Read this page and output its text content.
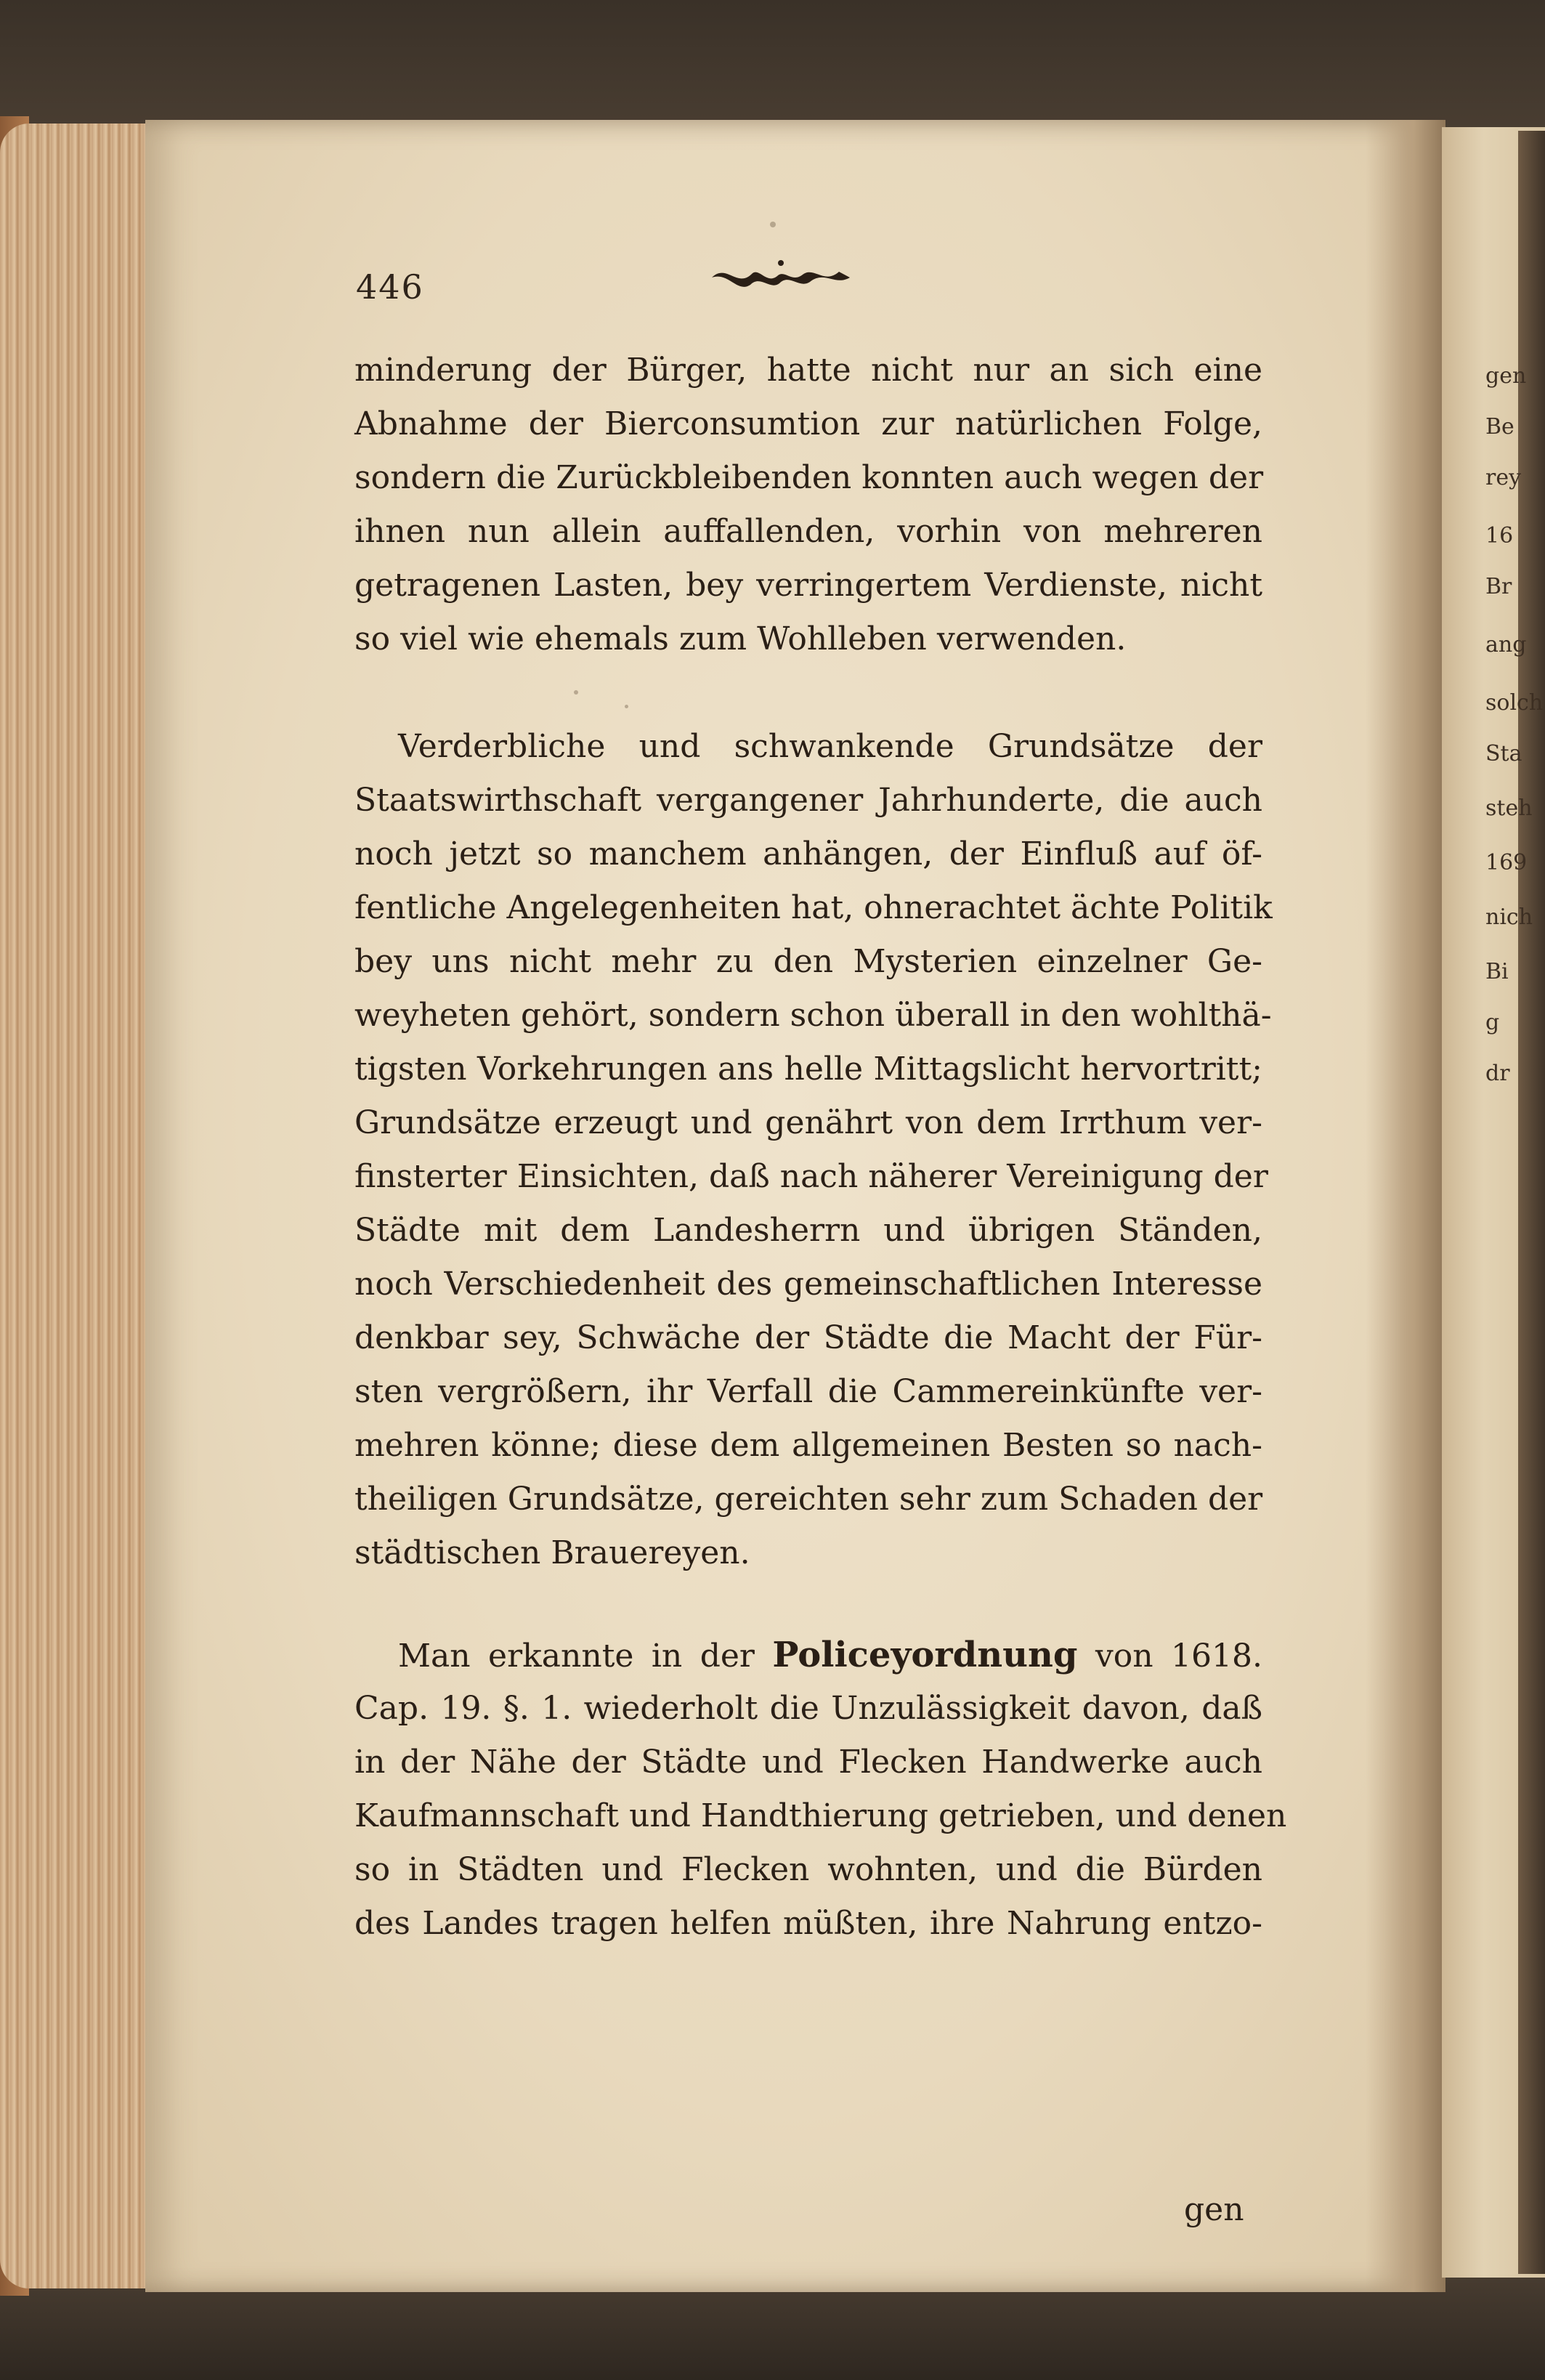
gen
Be
rey
16
Br
ang
solch
Sta
steh
169
nich
Bi
g
dr
446
minderung der Bürger, hatte nicht nur an sich eine
Abnahme der Bierconsumtion zur natürlichen Folge,
sondern die Zurückbleibenden konnten auch wegen der
ihnen nun allein auffallenden, vorhin von mehreren
getragenen Lasten, bey verringertem Verdienste, nicht
so viel wie ehemals zum Wohlleben verwenden.
Verderbliche und schwankende Grundsätze der
Staatswirthschaft vergangener Jahrhunderte, die auch
noch jetzt so manchem anhängen, der Einfluß auf öf-
fentliche Angelegenheiten hat, ohnerachtet ächte Politik
bey uns nicht mehr zu den Mysterien einzelner Ge-
weyheten gehört, sondern schon überall in den wohlthä-
tigsten Vorkehrungen ans helle Mittagslicht hervortritt;
Grundsätze erzeugt und genährt von dem Irrthum ver-
finsterter Einsichten, daß nach näherer Vereinigung der
Städte mit dem Landesherrn und übrigen Ständen,
noch Verschiedenheit des gemeinschaftlichen Interesse
denkbar sey, Schwäche der Städte die Macht der Für-
sten vergrößern, ihr Verfall die Cammereinkünfte ver-
mehren könne; diese dem allgemeinen Besten so nach-
theiligen Grundsätze, gereichten sehr zum Schaden der
städtischen Brauereyen.
Man erkannte in der Policeyordnung von 1618.
Cap. 19. §. 1. wiederholt die Unzulässigkeit davon, daß
in der Nähe der Städte und Flecken Handwerke auch
Kaufmannschaft und Handthierung getrieben, und denen
so in Städten und Flecken wohnten, und die Bürden
des Landes tragen helfen müßten, ihre Nahrung entzo-
gen
